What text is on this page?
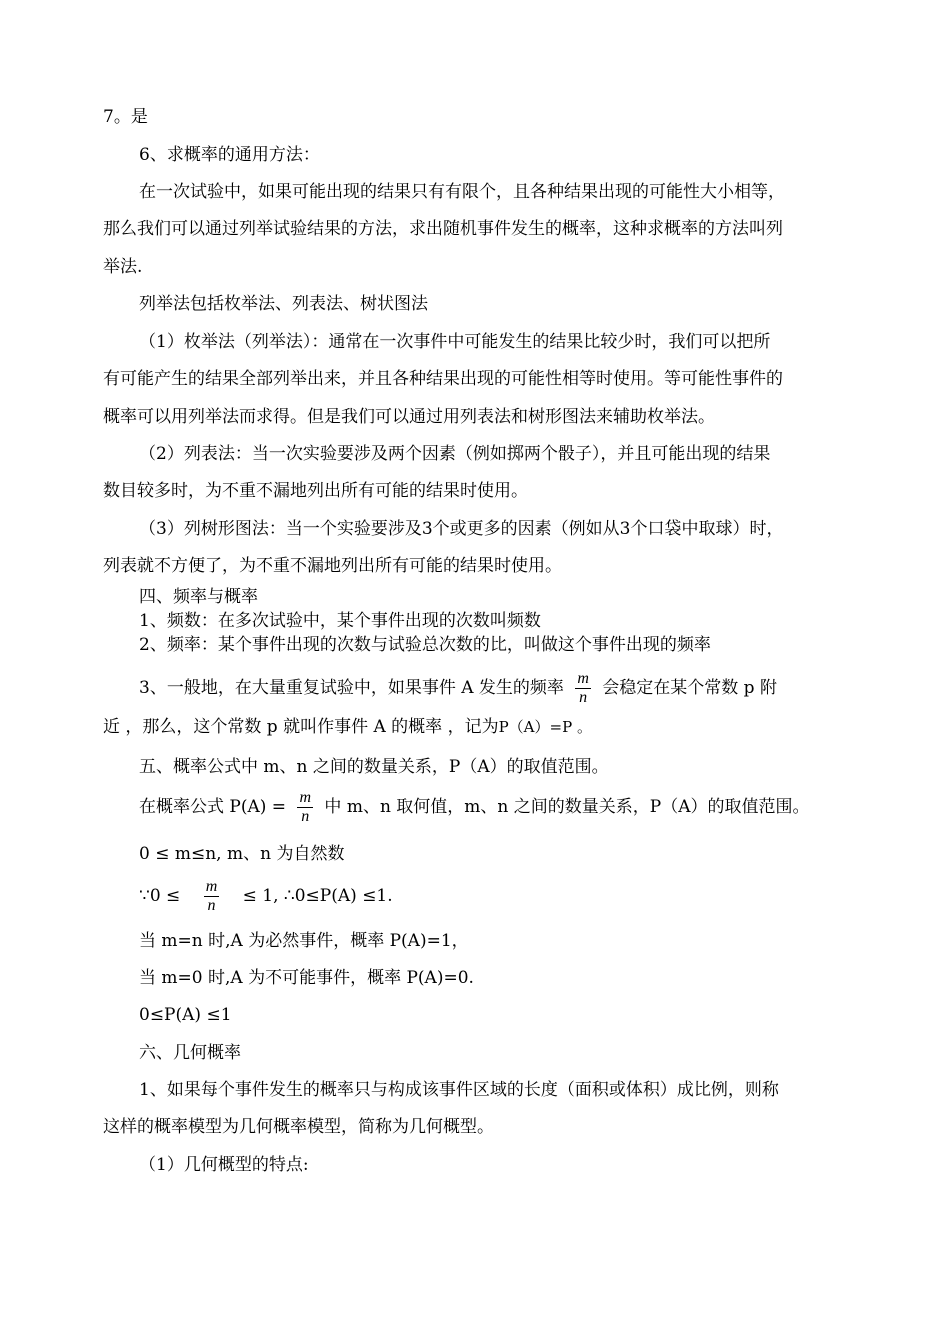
7。是
6、求概率的通用方法：
在一次试验中，如果可能出现的结果只有有限个，且各种结果出现的可能性大小相等，
那么我们可以通过列举试验结果的方法，求出随机事件发生的概率，这种求概率的方法叫列
举法.
列举法包括枚举法、列表法、树状图法
（1）枚举法（列举法）：通常在一次事件中可能发生的结果比较少时，我们可以把所
有可能产生的结果全部列举出来，并且各种结果出现的可能性相等时使用。等可能性事件的
概率可以用列举法而求得。但是我们可以通过用列表法和树形图法来辅助枚举法。
（2）列表法：当一次实验要涉及两个因素（例如掷两个骰子），并且可能出现的结果
数目较多时，为不重不漏地列出所有可能的结果时使用。
（3）列树形图法：当一个实验要涉及3个或更多的因素（例如从3个口袋中取球）时，
列表就不方便了，为不重不漏地列出所有可能的结果时使用。
四、频率与概率
1、频数：在多次试验中，某个事件出现的次数叫频数
2、频率：某个事件出现的次数与试验总次数的比，叫做这个事件出现的频率
3、一般地，在大量重复试验中，如果事件 A 发生的频率 $\frac{m}{n}$ 会稳定在某个常数 p 附
近 ，那么，这个常数 p 就叫作事件 A 的概率 ，记为P（A）=P 。
五、概率公式中 m、n 之间的数量关系，P（A）的取值范围。
在概率公式 $P(A) = \frac{m}{n}$ 中 m、n 取何值，m、n 之间的数量关系，P（A）的取值范围。
0 ≤ m≤n, m、n 为自然数
∵0 ≤ $\frac{m}{n} \le 1$, ∴0≤P(A) ≤1.
当 m=n 时,A 为必然事件，概率 P(A)=1，
当 m=0 时,A 为不可能事件，概率 P(A)=0.
0≤P(A) ≤1
六、几何概率
1、如果每个事件发生的概率只与构成该事件区域的长度（面积或体积）成比例，则称
这样的概率模型为几何概率模型，简称为几何概型。
（1）几何概型的特点:
